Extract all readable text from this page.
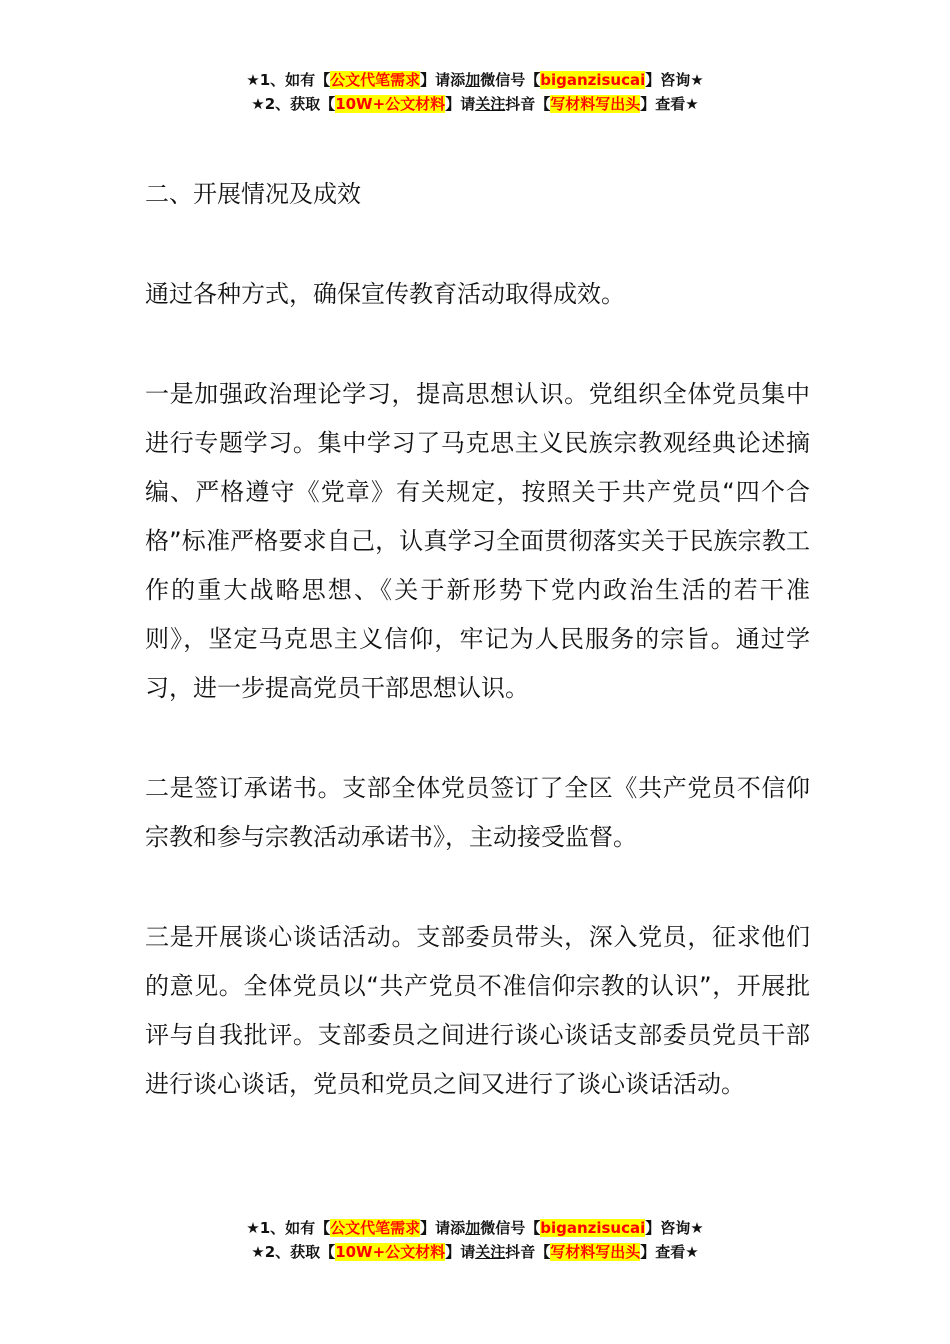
★1、如有【公文代笔需求】请添加微信号【biganzisucai】咨询★
★2、获取【10W+公文材料】请关注抖音【写材料写出头】查看★

二、开展情况及成效

通过各种方式，确保宣传教育活动取得成效。

一是加强政治理论学习，提高思想认识。党组织全体党员集中进行专题学习。集中学习了马克思主义民族宗教观经典论述摘编、严格遵守《党章》有关规定，按照关于共产党员“四个合格”标准严格要求自己，认真学习全面贯彻落实关于民族宗教工作的重大战略思想、《关于新形势下党内政治生活的若干准则》，坚定马克思主义信仰，牢记为人民服务的宗旨。通过学习，进一步提高党员干部思想认识。

二是签订承诺书。支部全体党员签订了全区《共产党员不信仰宗教和参与宗教活动承诺书》，主动接受监督。

三是开展谈心谈话活动。支部委员带头，深入党员，征求他们的意见。全体党员以“共产党员不准信仰宗教的认识”，开展批评与自我批评。支部委员之间进行谈心谈话支部委员党员干部进行谈心谈话，党员和党员之间又进行了谈心谈话活动。

★1、如有【公文代笔需求】请添加微信号【biganzisucai】咨询★
★2、获取【10W+公文材料】请关注抖音【写材料写出头】查看★
